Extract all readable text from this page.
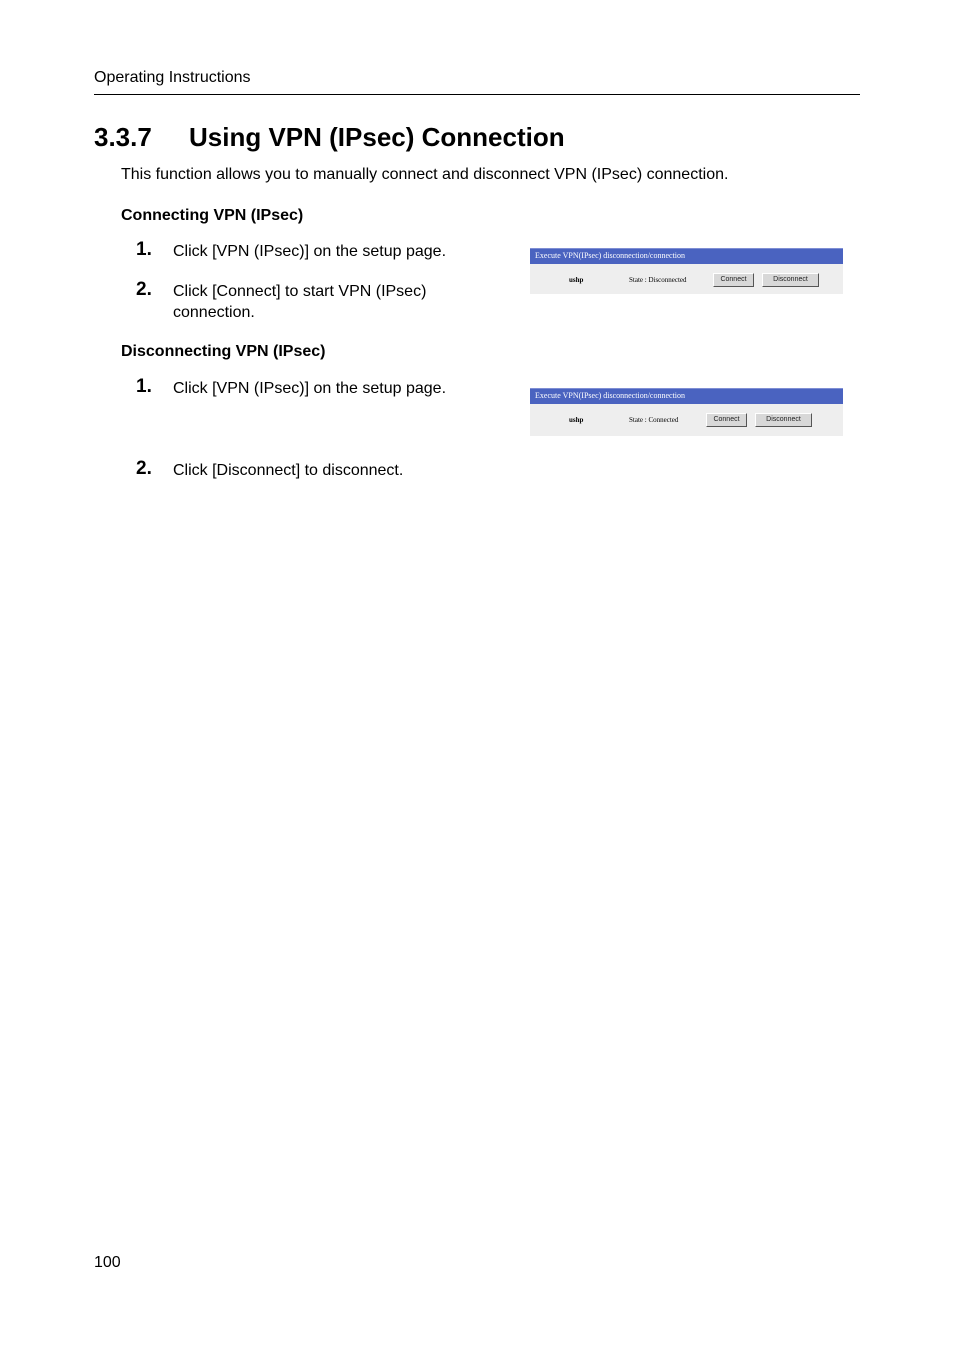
Operating Instructions
3.3.7 Using VPN (IPsec) Connection
This function allows you to manually connect and disconnect VPN (IPsec) connection.
Connecting VPN (IPsec)
1. Click [VPN (IPsec)] on the setup page.
2. Click [Connect] to start VPN (IPsec) connection.
Execute VPN(IPsec) disconnection/connection
ushp	State : Disconnected	Connect	Disconnect
Disconnecting VPN (IPsec)
1. Click [VPN (IPsec)] on the setup page.	Execute VPN(IPsec) disconnection/connection
ushp	State : Connected	Connect	Disconnect
2. Click [Disconnect] to disconnect.
100
